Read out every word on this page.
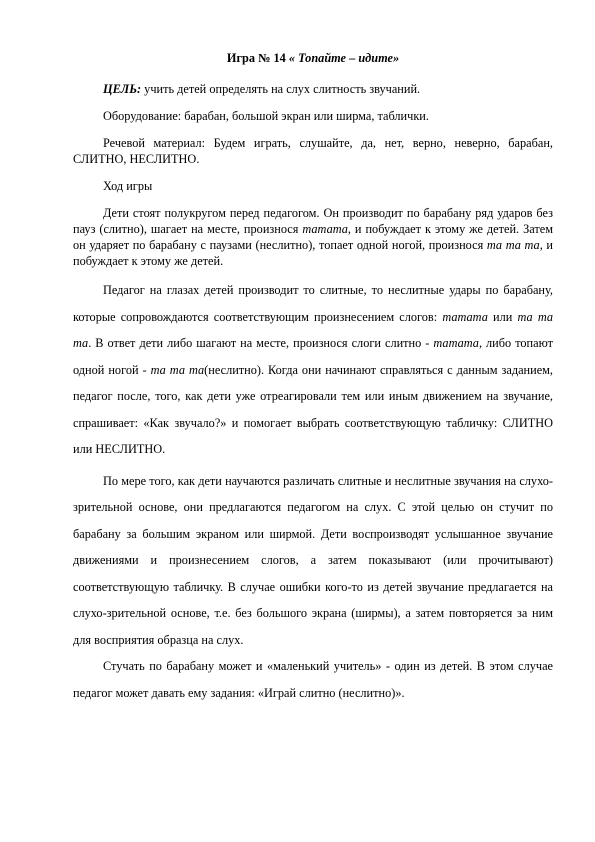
Игра № 14 « Топайте – идите»

ЦЕЛЬ: учить детей определять на слух слитность звучаний.

Оборудование: барабан, большой экран или ширма, таблички.

Речевой материал: Будем играть, слушайте, да, нет, верно, неверно, барабан, СЛИТНО, НЕСЛИТНО.

Ход игры

Дети стоят полукругом перед педагогом. Он производит по барабану ряд ударов без пауз (слитно), шагает на месте, произнося татата, и побуждает к этому же детей. Затем он ударяет по барабану с паузами (неслитно), топает одной ногой, произнося та та та, и побуждает к этому же детей.

Педагог на глазах детей производит то слитные, то неслитные удары по барабану, которые сопровождаются соответствующим произнесением слогов: татата или та та та. В ответ дети либо шагают на месте, произнося слоги слитно - татата, либо топают одной ногой - та та та(неслитно). Когда они начинают справляться с данным заданием, педагог после, того, как дети уже отреагировали тем или иным движением на звучание, спрашивает: «Как звучало?» и помогает выбрать соответствующую табличку: СЛИТНО или НЕСЛИТНО.

По мере того, как дети научаются различать слитные и неслитные звучания на слухо-зрительной основе, они предлагаются педагогом на слух. С этой целью он стучит по барабану за большим экраном или ширмой. Дети воспроизводят услышанное звучание движениями и произнесением слогов, а затем показывают (или прочитывают) соответствующую табличку. В случае ошибки кого-то из детей звучание предлагается на слухо-зрительной основе, т.е. без большого экрана (ширмы), а затем повторяется за ним для восприятия образца на слух.

Стучать по барабану может и «маленький учитель» - один из детей. В этом случае педагог может давать ему задания: «Играй слитно (неслитно)».
